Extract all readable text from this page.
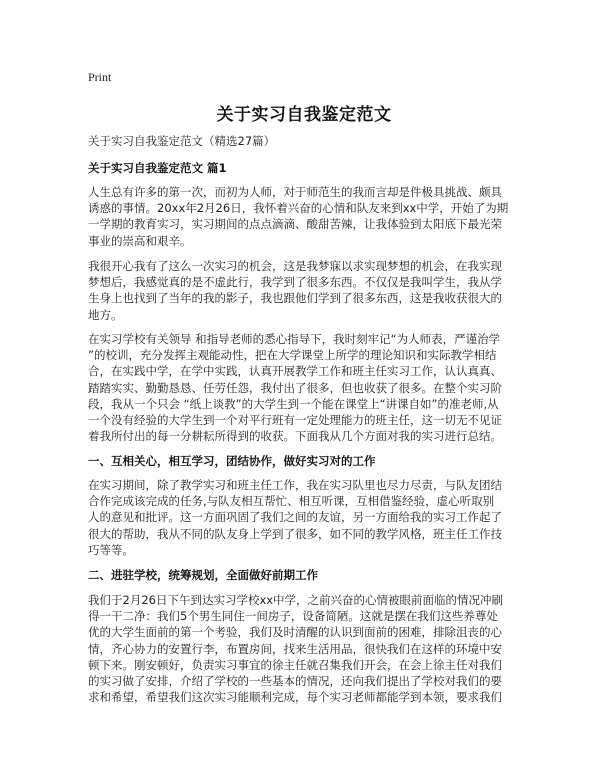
Print
关于实习自我鉴定范文
关于实习自我鉴定范文（精选27篇）
关于实习自我鉴定范文 篇1
人生总有许多的第一次，而初为人师，对于师范生的我而言却是件极具挑战、颇具
诱惑的事情。20xx年2月26日，我怀着兴奋的心情和队友来到xx中学，开始了为期
一学期的教育实习，实习期间的点点滴滴、酸甜苦辣，让我体验到太阳底下最光荣
事业的崇高和艰辛。
我很开心我有了这么一次实习的机会，这是我梦寐以求实现梦想的机会，在我实现
梦想后，我感觉真的是不虚此行，我学到了很多东西。不仅仅是我叫学生，我从学
生身上也找到了当年的我的影子，我也跟他们学到了很多东西，这是我收获很大的
地方。
在实习学校有关领导 和指导老师的悉心指导下，我时刻牢记“为人师表，严谨治学
”的校训，充分发挥主观能动性，把在大学课堂上所学的理论知识和实际教学相结
合，在实践中学，在学中实践，认真开展教学工作和班主任实习工作，认认真真、
踏踏实实、勤勤恳恳、任劳任怨，我付出了很多，但也收获了很多。在整个实习阶
段，我从一个只会 “纸上谈教”的大学生到一个能在课堂上“讲课自如”的准老师,从
一个没有经验的大学生到一个对平行班有一定处理能力的班主任，这一切无不见证
着我所付出的每一分耕耘所得到的收获。下面我从几个方面对我的实习进行总结。
一、互相关心，相互学习，团结协作，做好实习对的工作
在实习期间，除了教学实习和班主任工作，我在实习队里也尽力尽责，与队友团结
合作完成该完成的任务,与队友相互帮忙、相互听课，互相借鉴经验，虚心听取别
人的意见和批评。这一方面巩固了我们之间的友谊，另一方面给我的实习工作起了
很大的帮助，我从不同的队友身上学到了很多，如不同的教学风格，班主任工作技
巧等等。
二、进驻学校，统筹规划，全面做好前期工作
我们于2月26日下午到达实习学校xx中学，之前兴奋的心情被眼前面临的情况冲刷
得一干二净：我们5个男生同住一间房子，设备简陋。这就是摆在我们这些养尊处
优的大学生面前的第一个考验，我们及时清醒的认识到面前的困难，排除沮丧的心
情，齐心协力的安置行李，布置房间，找来生活用品，很快我们在这样的环境中安
顿下来。刚安顿好，负责实习事宜的徐主任就召集我们开会，在会上徐主任对我们
的实习做了安排，介绍了学校的一些基本的情况，还向我们提出了学校对我们的要
求和希望，希望我们这次实习能顺利完成，每个实习老师都能学到本领，要求我们
